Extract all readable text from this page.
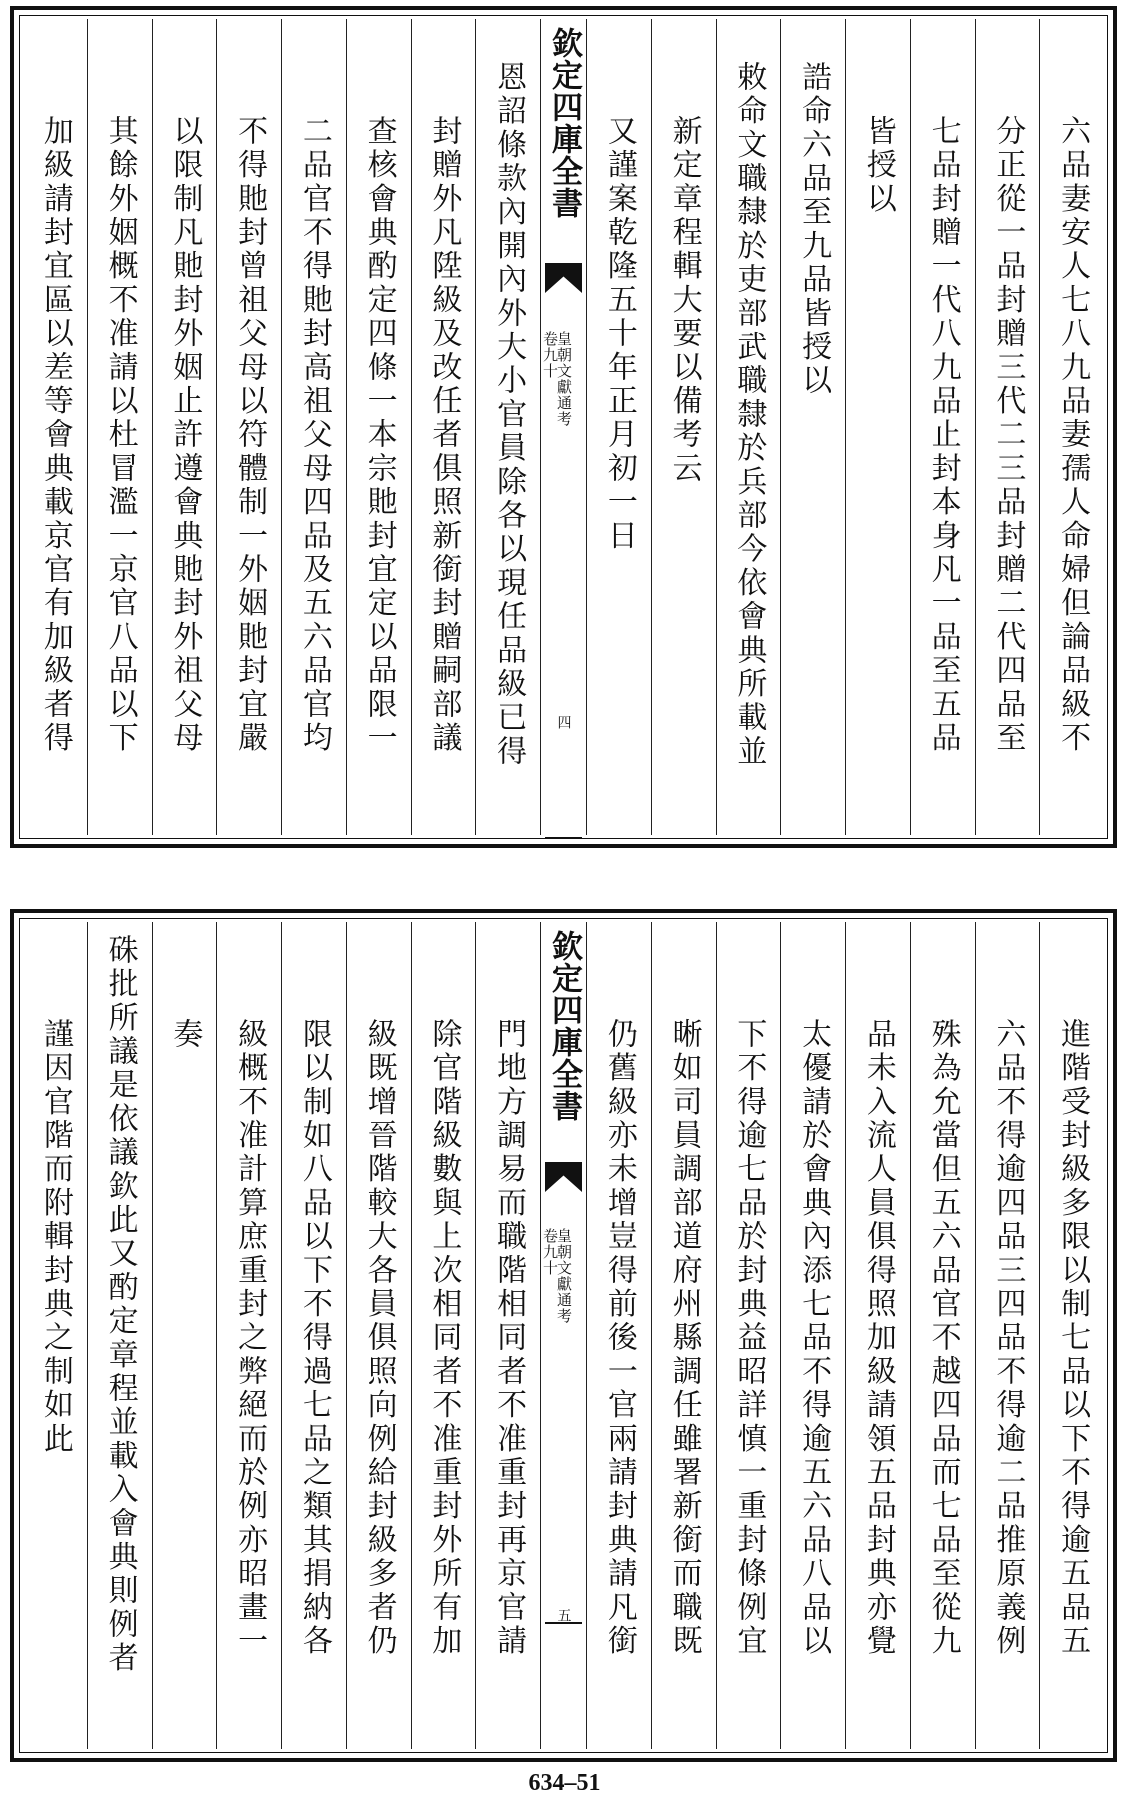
六品妻安人七八九品妻孺人命婦但論品級不
分正從一品封贈三代二三品封贈二代四品至
七品封贈一代八九品止封本身凡一品至五品
皆授以
誥命六品至九品皆授以
敕命文職隸於吏部武職隸於兵部今依會典所載並
新定章程輯大要以備考云
又謹案乾隆五十年正月初一日
欽定四庫全書
皇朝文獻通考
卷九十
四
恩詔條款內開內外大小官員除各以現任品級已得
封贈外凡陞級及改任者俱照新銜封贈嗣部議
查核會典酌定四條一本宗貤封宜定以品限一
二品官不得貤封高祖父母四品及五六品官均
不得貤封曾祖父母以符體制一外姻貤封宜嚴
以限制凡貤封外姻止許遵會典貤封外祖父母
其餘外姻概不准請以杜冒濫一京官八品以下
加級請封宜區以差等會典載京官有加級者得
進階受封級多限以制七品以下不得逾五品五
六品不得逾四品三四品不得逾二品推原義例
殊為允當但五六品官不越四品而七品至從九
品未入流人員俱得照加級請領五品封典亦覺
太優請於會典內添七品不得逾五六品八品以
下不得逾七品於封典益昭詳慎一重封條例宜
晰如司員調部道府州縣調任雖署新銜而職既
仍舊級亦未增豈得前後一官兩請封典請凡銜
欽定四庫全書
皇朝文獻通考
卷九十
五
門地方調易而職階相同者不准重封再京官請
除官階級數與上次相同者不准重封外所有加
級既增晉階較大各員俱照向例給封級多者仍
限以制如八品以下不得過七品之類其捐納各
級概不准計算庶重封之弊絕而於例亦昭畫一
奏
硃批所議是依議欽此又酌定章程並載入會典則例者
謹因官階而附輯封典之制如此
634–51
